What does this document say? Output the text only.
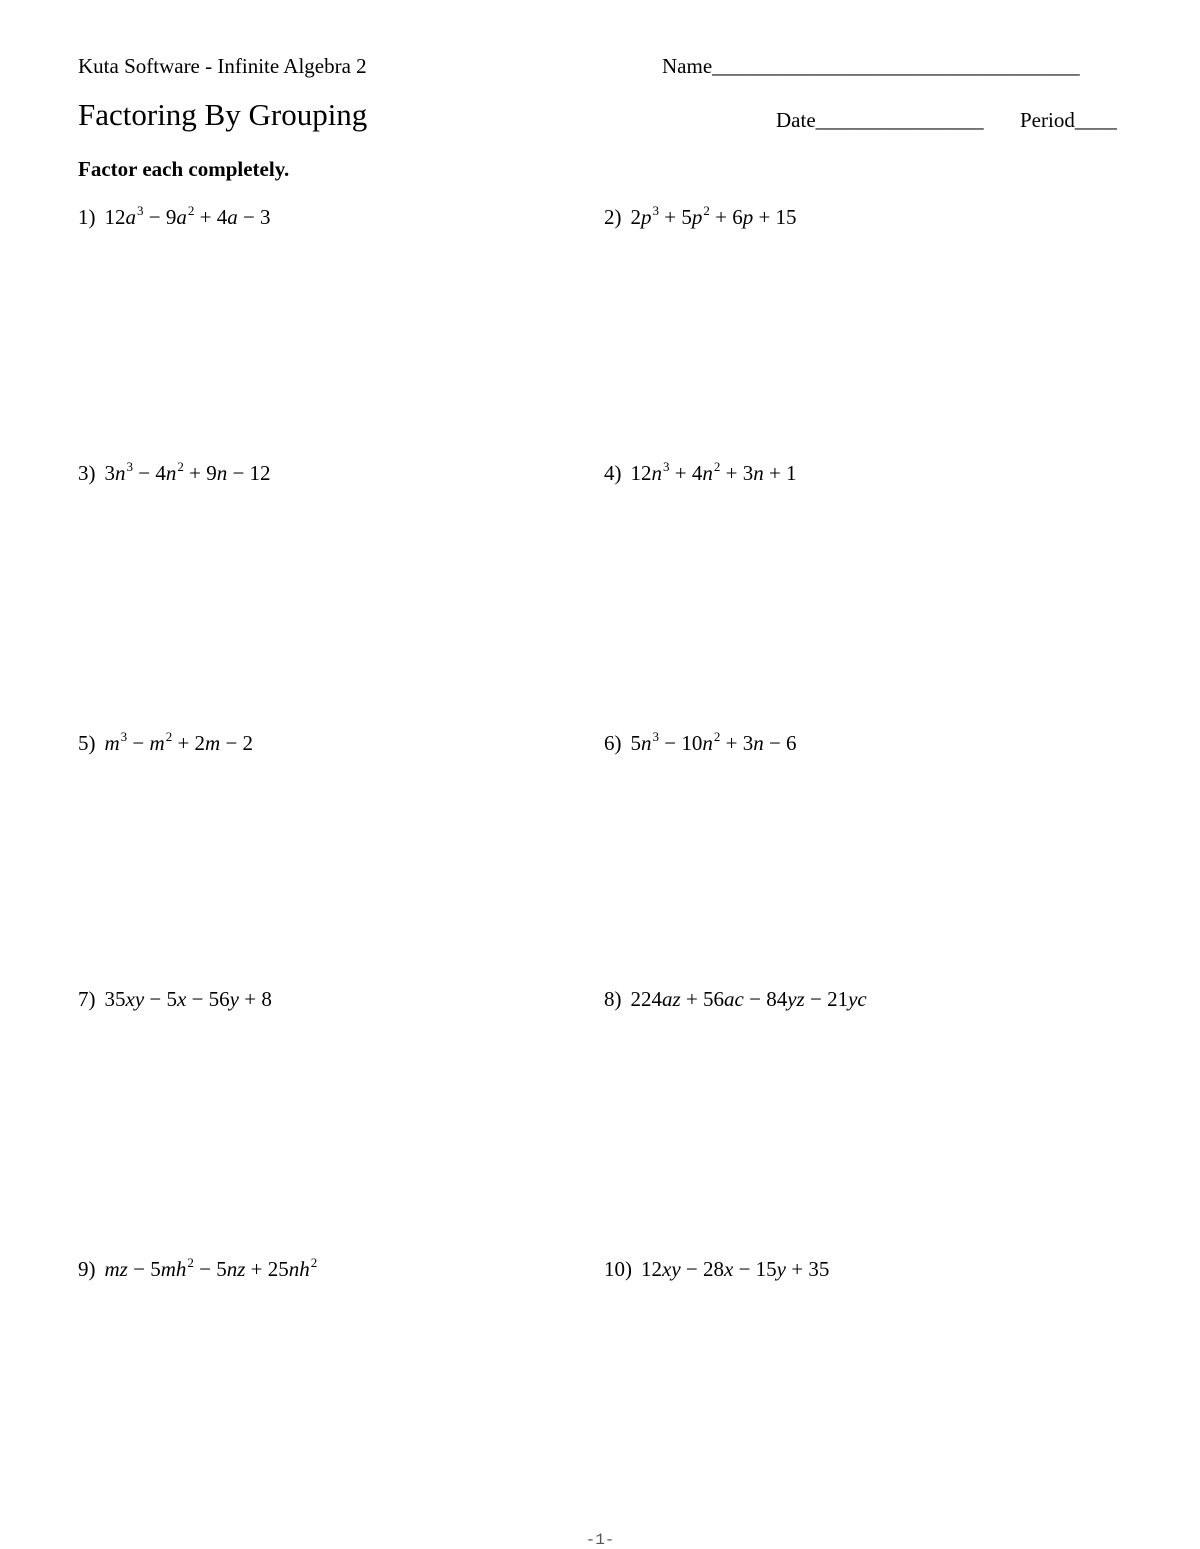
Kuta Software - Infinite Algebra 2	Name___________________________________
Factoring By Grouping	Date________________ Period____
Factor each completely.
1) $12a^3 - 9a^2 + 4a - 3$	2) $2p^3 + 5p^2 + 6p + 15$
3) $3n^3 - 4n^2 + 9n - 12$	4) $12n^3 + 4n^2 + 3n + 1$
5) $m^3 - m^2 + 2m - 2$	6) $5n^3 - 10n^2 + 3n - 6$
7) 35xy − 5x − 56y + 8	8) 224az + 56ac − 84yz − 21yc
9) mz − $5mh^2 - 5nz + 25nh^2$	10) 12xy − 28x − 15y + 35
-1-
